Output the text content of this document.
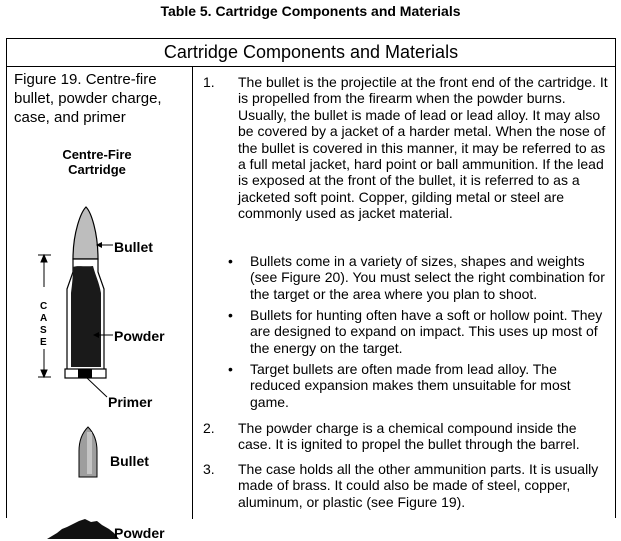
Table 5. Cartridge Components and Materials
Cartridge Components and Materials
Figure 19. Centre-fire bullet, powder charge, case, and primer
Centre-Fire
Cartridge
C
A
S
E
Bullet
Powder
Primer
Bullet
Powder
1.	The bullet is the projectile at the front end of the cartridge. It is propelled from the firearm when the powder burns. Usually, the bullet is made of lead or lead alloy. It may also be covered by a jacket of a harder metal. When the nose of the bullet is covered in this manner, it may be referred to as a full metal jacket, hard point or ball ammunition. If the lead is exposed at the front of the bullet, it is referred to as a jacketed soft point. Copper, gilding metal or steel are commonly used as jacket material.
• Bullets come in a variety of sizes, shapes and weights (see Figure 20). You must select the right combination for the target or the area where you plan to shoot.
• Bullets for hunting often have a soft or hollow point. They are designed to expand on impact. This uses up most of the energy on the target.
• Target bullets are often made from lead alloy. The reduced expansion makes them unsuitable for most game.
2.	The powder charge is a chemical compound inside the case. It is ignited to propel the bullet through the barrel.
3.	The case holds all the other ammunition parts. It is usually made of brass. It could also be made of steel, copper, aluminum, or plastic (see Figure 19).
